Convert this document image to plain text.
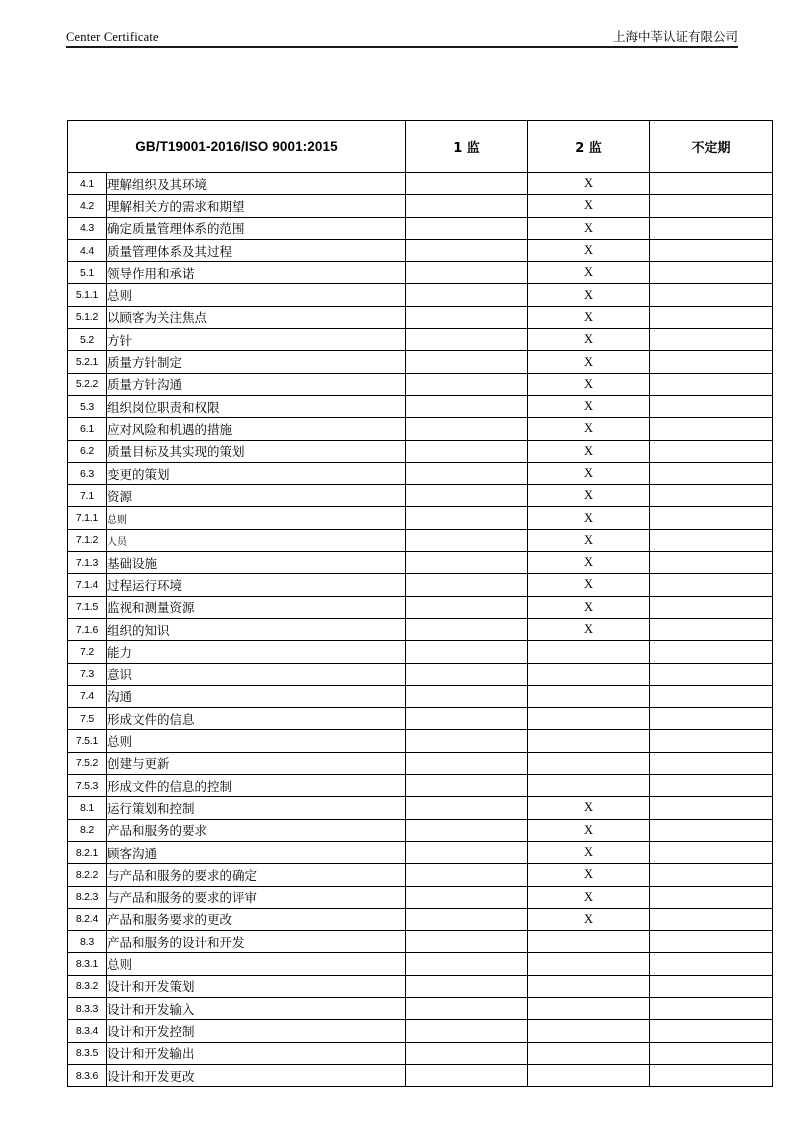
Center Certificate	上海中莘认证有限公司
GB/T19001-2016/ISO 9001:2015		1 监	2 监	不定期
4.1	理解组织及其环境		X	
4.2	理解相关方的需求和期望		X	
4.3	确定质量管理体系的范围		X	
4.4	质量管理体系及其过程		X	
5.1	领导作用和承诺		X	
5.1.1	总则		X	
5.1.2	以顾客为关注焦点		X	
5.2	方针		X	
5.2.1	质量方针制定		X	
5.2.2	质量方针沟通		X	
5.3	组织岗位职责和权限		X	
6.1	应对风险和机遇的措施		X	
6.2	质量目标及其实现的策划		X	
6.3	变更的策划		X	
7.1	资源		X	
7.1.1	总则		X	
7.1.2	人员		X	
7.1.3	基础设施		X	
7.1.4	过程运行环境		X	
7.1.5	监视和测量资源		X	
7.1.6	组织的知识		X	
7.2	能力			
7.3	意识			
7.4	沟通			
7.5	形成文件的信息			
7.5.1	总则			
7.5.2	创建与更新			
7.5.3	形成文件的信息的控制			
8.1	运行策划和控制		X	
8.2	产品和服务的要求		X	
8.2.1	顾客沟通		X	
8.2.2	与产品和服务的要求的确定		X	
8.2.3	与产品和服务的要求的评审		X	
8.2.4	产品和服务要求的更改		X	
8.3	产品和服务的设计和开发			
8.3.1	总则			
8.3.2	设计和开发策划			
8.3.3	设计和开发输入			
8.3.4	设计和开发控制			
8.3.5	设计和开发输出			
8.3.6	设计和开发更改			
